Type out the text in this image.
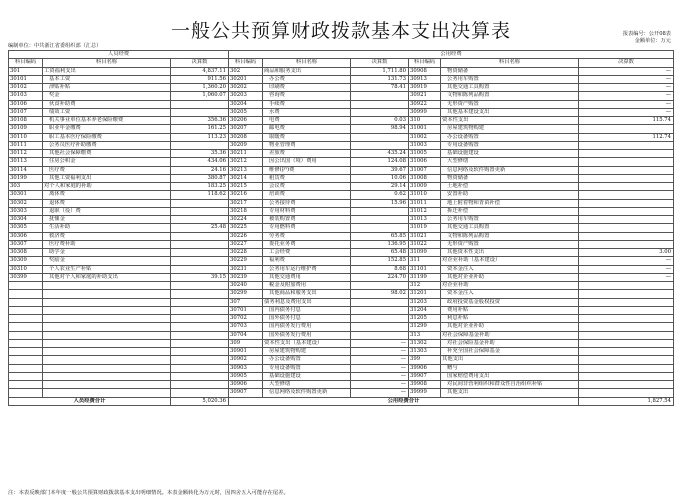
一般公共预算财政拨款基本支出决算表	报表编号：公开08表
金额单位：万元
编制单位：中共浙江省委组织部（汇总）
人员经费			公用经费					
科目编码	科目名称	决算数	科目编码	科目名称	决算数	科目编码	科目名称	决算数
301	工资福利支出	4,837.11	302	商品和服务支出	1,711.80	30908	物资储备	—
30101	基本工资	911.56	30201	办公费	131.73	30913	公务用车购置	—
30102	津贴补贴	1,360.20	30202	印刷费	78.41	30919	其他交通工具购置	—
30103	奖金	1,060.07	30203	咨询费		30921	文物和陈列品购置	—
30106	伙食补助费		30204	手续费		30922	无形资产购置	—
30107	绩效工资		30205	水费		30999	其他基本建设支出	—
30108	机关事业单位基本养老保险缴费	356.36	30206	电费	0.03	310	资本性支出	115.74
30109	职业年金缴费	161.25	30207	邮电费	98.94	31001	房屋建筑物购建	
30110	职工基本医疗保险缴费	113.23	30208	取暖费		31002	办公设备购置	112.74
30111	公务员医疗补助缴费		30209	物业管理费		31003	专用设备购置	
30112	其他社会保障缴费	35.36	30211	差旅费	435.24	31005	基础设施建设	
30113	住房公积金	434.06	30212	因公出国（境）费用	124.08	31006	大型修缮	
30114	医疗费	24.16	30213	维修(护)费	39.67	31007	信息网络及软件购置更新	
30199	其他工资福利支出	380.87	30214	租赁费	10.06	31008	物资储备	
303	对个人和家庭的补助	183.25	30215	会议费	29.14	31009	土地补偿	
30301	离休费	118.62	30216	培训费	0.62	31010	安置补助	
30302	退休费		30217	公务接待费	15.96	31011	地上附着物和青苗补偿	
30303	退职（役）费		30218	专用材料费		31012	拆迁补偿	
30304	抚恤金		30224	被装购置费		31013	公务用车购置	
30305	生活补助	25.48	30225	专用燃料费		31019	其他交通工具购置	
30306	救济费		30226	劳务费	65.85	31021	文物和陈列品购置	
30307	医疗费补助		30227	委托业务费	136.95	31022	无形资产购置	
30308	助学金		30228	工会经费	65.48	31099	其他资本性支出	3.00
30309	奖励金		30229	福利费	152.85	311	对企业补助（基本建设）	—
30310	个人农业生产补贴		30231	公务用车运行维护费	8.68	31101	资本金注入	—
30399	其他对个人和家庭的补助支出	39.15	30239	其他交通费用	224.70	31199	其他对企业补助	—
			30240	税金及附加费用		312	对企业补助	
			30299	其他商品和服务支出	98.02	31201	资本金注入	
			307	债务利息及费用支出		31203	政府投资基金股权投资	
			30701	国内债务付息		31204	费用补贴	
			30702	国外债务付息		31205	利息补贴	
			30703	国内债务发行费用		31299	其他对企业补助	
			30704	国外债务发行费用		313	对社会保障基金补助	
			309	资本性支出（基本建设）	—	31302	对社会保险基金补助	
			30901	房屋建筑物购建	—	31303	补充全国社会保障基金	
			30902	办公设备购置	—	399	其他支出	
			30903	专用设备购置	—	39906	赠与	
			30905	基础设施建设	—	39907	国家赔偿费用支出	
			30906	大型修缮	—	39908	对民间非营利组织和群众性自治组织补贴	
			30907	信息网络及软件购置更新	—	39999	其他支出	
人员经费合计		5,020.36	公用经费合计					1,827.54
注：本表反映部门本年度一般公共预算财政拨款基本支出明细情况。本表金额转化为万元时，因四舍五入可能存在尾差。
